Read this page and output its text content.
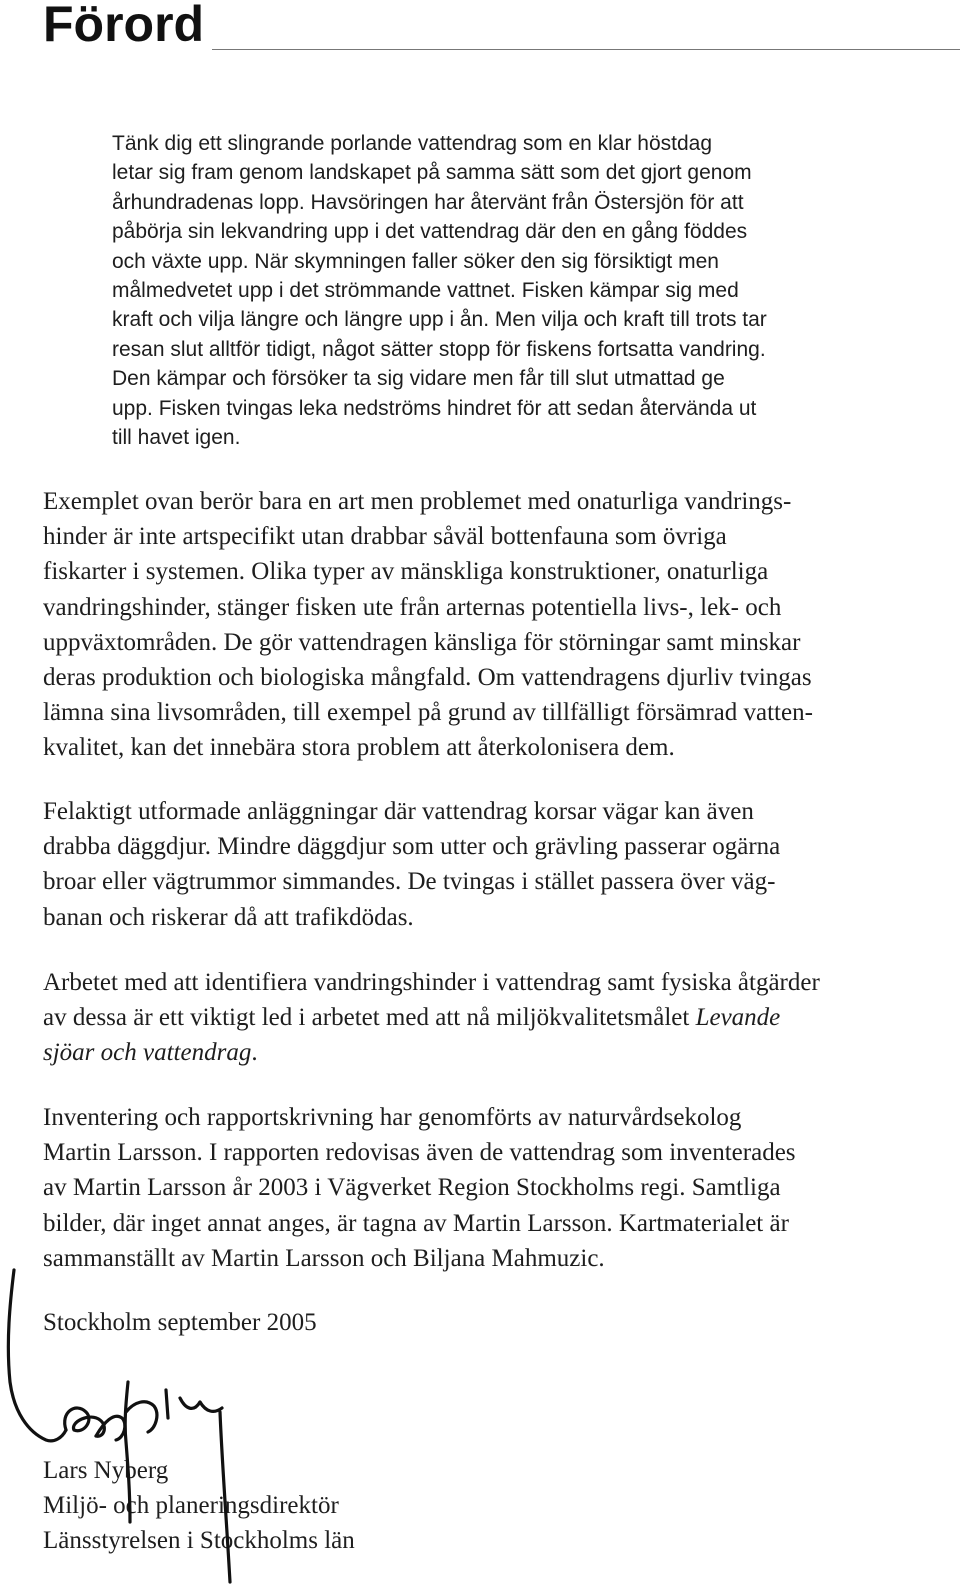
Förord

Tänk dig ett slingrande porlande vattendrag som en klar höstdag
letar sig fram genom landskapet på samma sätt som det gjort genom
århundradenas lopp. Havsöringen har återvänt från Östersjön för att
påbörja sin lekvandring upp i det vattendrag där den en gång föddes
och växte upp. När skymningen faller söker den sig försiktigt men
målmedvetet upp i det strömmande vattnet. Fisken kämpar sig med
kraft och vilja längre och längre upp i ån. Men vilja och kraft till trots tar
resan slut alltför tidigt, något sätter stopp för fiskens fortsatta vandring.
Den kämpar och försöker ta sig vidare men får till slut utmattad ge
upp. Fisken tvingas leka nedströms hindret för att sedan återvända ut
till havet igen.

Exemplet ovan berör bara en art men problemet med onaturliga vandrings-
hinder är inte artspecifikt utan drabbar såväl bottenfauna som övriga
fiskarter i systemen. Olika typer av mänskliga konstruktioner, onaturliga
vandringshinder, stänger fisken ute från arternas potentiella livs-, lek- och
uppväxtområden. De gör vattendragen känsliga för störningar samt minskar
deras produktion och biologiska mångfald. Om vattendragens djurliv tvingas
lämna sina livsområden, till exempel på grund av tillfälligt försämrad vatten-
kvalitet, kan det innebära stora problem att återkolonisera dem.

Felaktigt utformade anläggningar där vattendrag korsar vägar kan även
drabba däggdjur. Mindre däggdjur som utter och grävling passerar ogärna
broar eller vägtrummor simmandes. De tvingas i stället passera över väg-
banan och riskerar då att trafikdödas.

Arbetet med att identifiera vandringshinder i vattendrag samt fysiska åtgärder
av dessa är ett viktigt led i arbetet med att nå miljökvalitetsmålet Levande
sjöar och vattendrag.

Inventering och rapportskrivning har genomförts av naturvårdsekolog
Martin Larsson. I rapporten redovisas även de vattendrag som inventerades
av Martin Larsson år 2003 i Vägverket Region Stockholms regi. Samtliga
bilder, där inget annat anges, är tagna av Martin Larsson. Kartmaterialet är
sammanställt av Martin Larsson och Biljana Mahmuzic.

Stockholm september 2005

Lars Nyberg
Miljö- och planeringsdirektör
Länsstyrelsen i Stockholms län
